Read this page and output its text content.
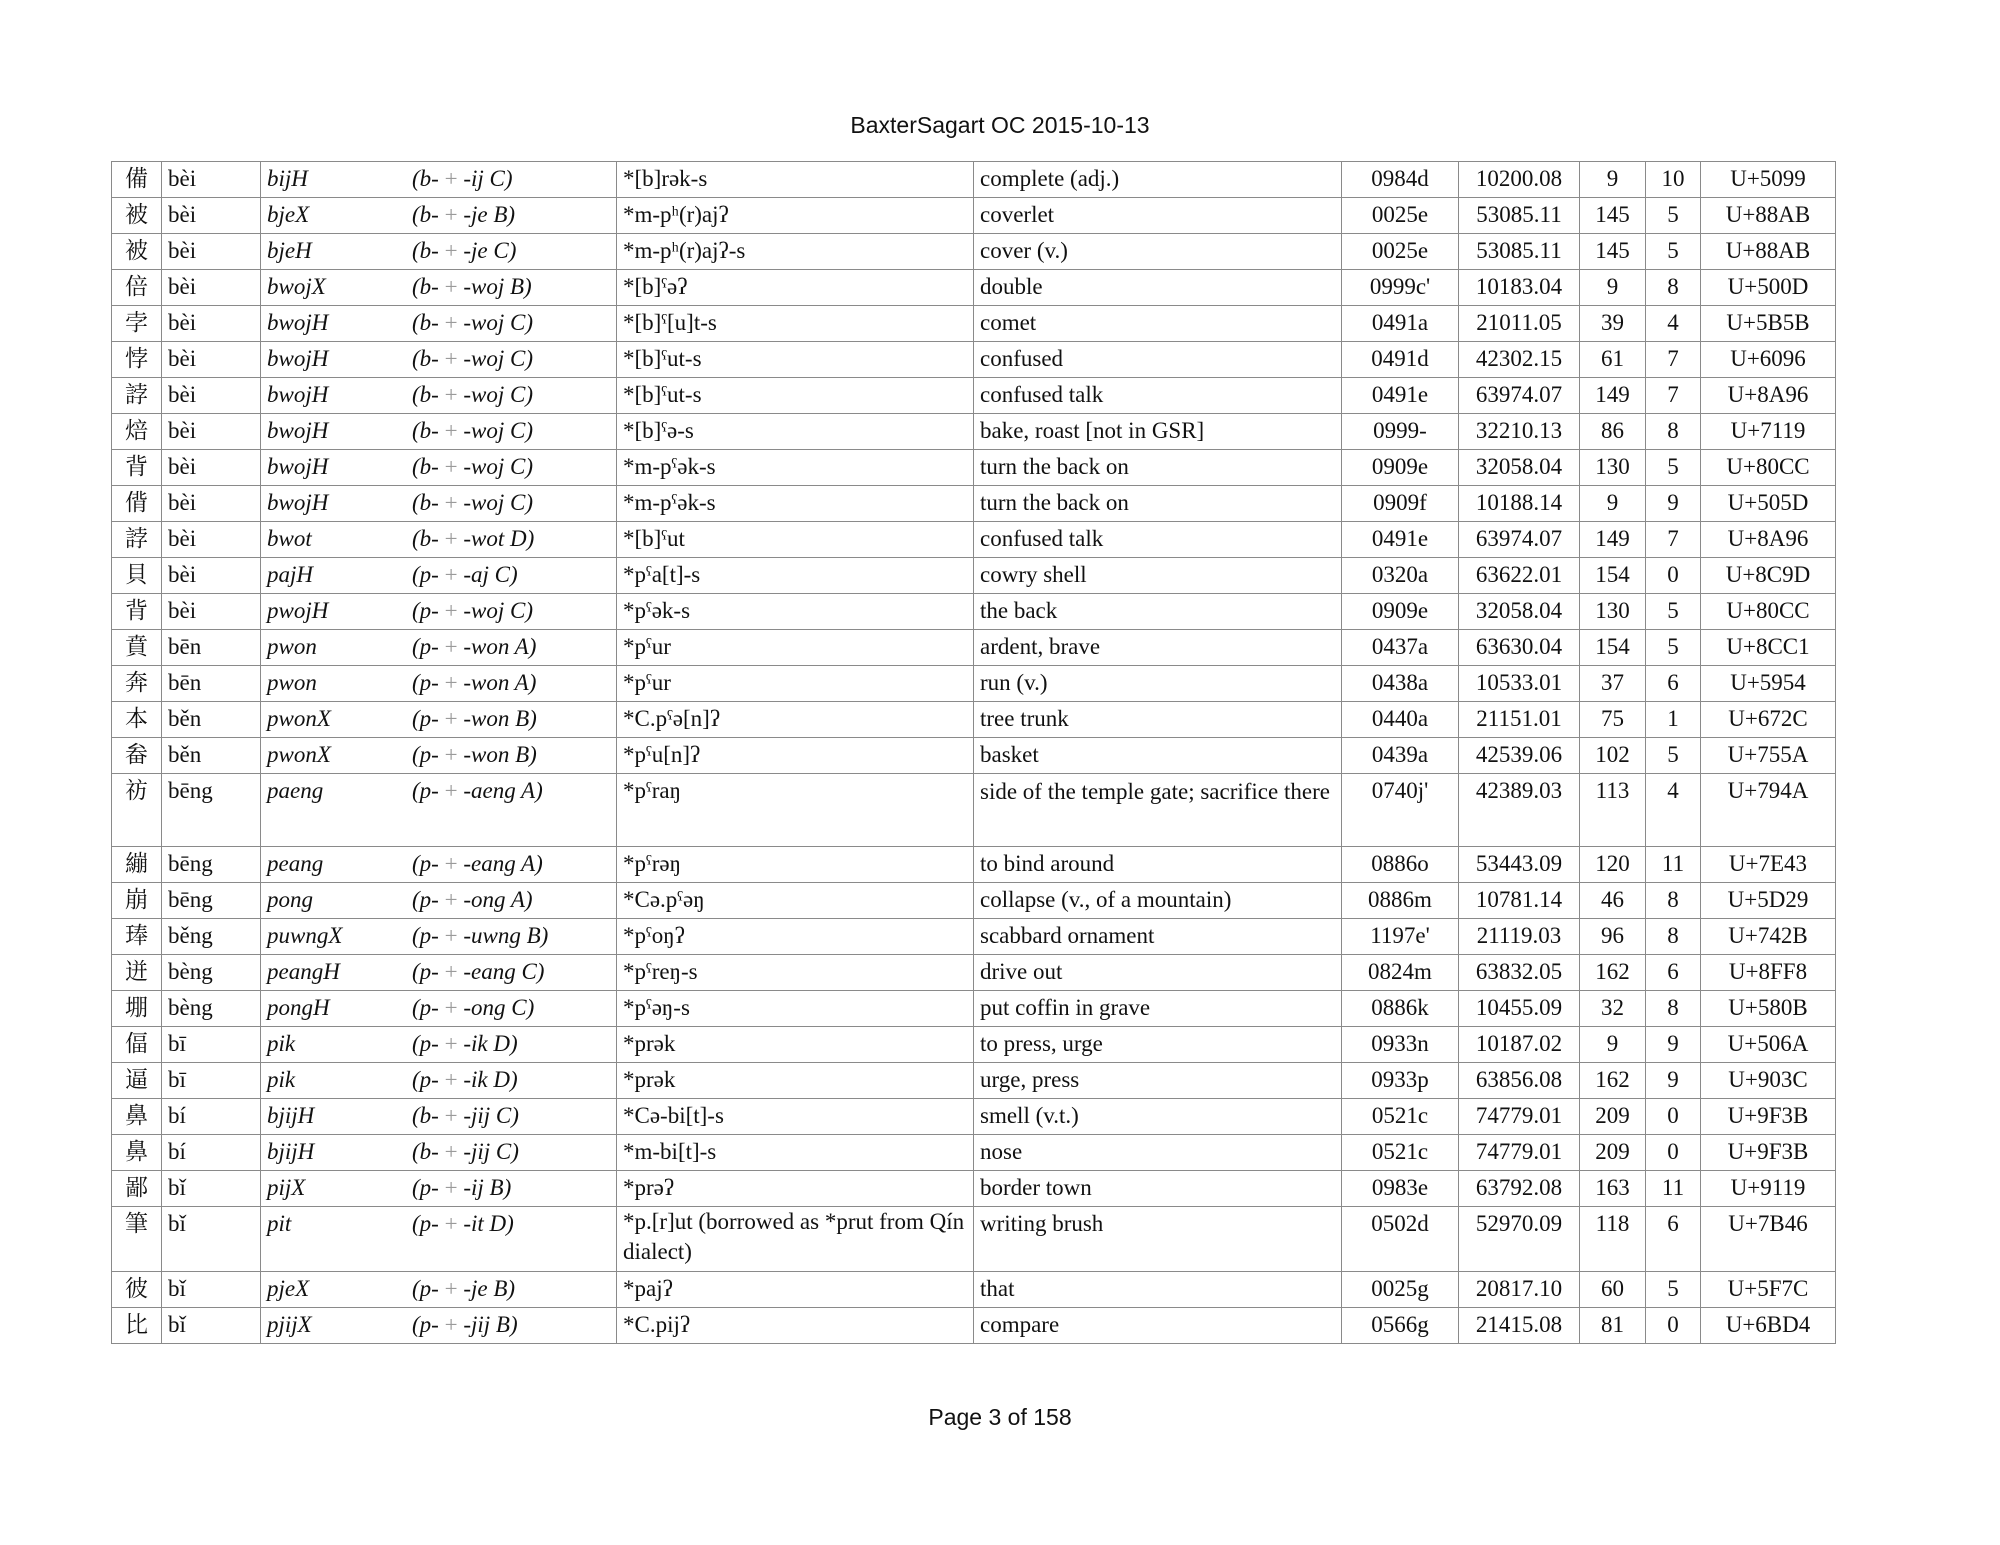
BaxterSagart OC 2015-10-13
備	bèi	bijH (b- + -ij C)	*[b]rək-s	complete (adj.)	0984d	10200.08	9	10	U+5099
被	bèi	bjeX (b- + -je B)	*m-pʰ(r)ajʔ	coverlet	0025e	53085.11	145	5	U+88AB
被	bèi	bjeH (b- + -je C)	*m-pʰ(r)ajʔ-s	cover (v.)	0025e	53085.11	145	5	U+88AB
倍	bèi	bwojX (b- + -woj B)	*[b]ˤəʔ	double	0999c'	10183.04	9	8	U+500D
孛	bèi	bwojH (b- + -woj C)	*[b]ˤ[u]t-s	comet	0491a	21011.05	39	4	U+5B5B
悖	bèi	bwojH (b- + -woj C)	*[b]ˤut-s	confused	0491d	42302.15	61	7	U+6096
誖	bèi	bwojH (b- + -woj C)	*[b]ˤut-s	confused talk	0491e	63974.07	149	7	U+8A96
焙	bèi	bwojH (b- + -woj C)	*[b]ˤə-s	bake, roast [not in GSR]	0999-	32210.13	86	8	U+7119
背	bèi	bwojH (b- + -woj C)	*m-pˤək-s	turn the back on	0909e	32058.04	130	5	U+80CC
偝	bèi	bwojH (b- + -woj C)	*m-pˤək-s	turn the back on	0909f	10188.14	9	9	U+505D
誖	bèi	bwot (b- + -wot D)	*[b]ˤut	confused talk	0491e	63974.07	149	7	U+8A96
貝	bèi	pajH (p- + -aj C)	*pˤa[t]-s	cowry shell	0320a	63622.01	154	0	U+8C9D
背	bèi	pwojH (p- + -woj C)	*pˤək-s	the back	0909e	32058.04	130	5	U+80CC
賁	bēn	pwon (p- + -won A)	*pˤur	ardent, brave	0437a	63630.04	154	5	U+8CC1
奔	bēn	pwon (p- + -won A)	*pˤur	run (v.)	0438a	10533.01	37	6	U+5954
本	běn	pwonX (p- + -won B)	*C.pˤə[n]ʔ	tree trunk	0440a	21151.01	75	1	U+672C
畚	běn	pwonX (p- + -won B)	*pˤu[n]ʔ	basket	0439a	42539.06	102	5	U+755A
祊	bēng	paeng (p- + -aeng A)	*pˤraŋ	side of the temple gate; sacrifice there	0740j'	42389.03	113	4	U+794A
繃	bēng	peang (p- + -eang A)	*pˤrəŋ	to bind around	0886o	53443.09	120	11	U+7E43
崩	bēng	pong (p- + -ong A)	*Cə.pˤəŋ	collapse (v., of a mountain)	0886m	10781.14	46	8	U+5D29
琫	běng	puwngX (p- + -uwng B)	*pˤoŋʔ	scabbard ornament	1197e'	21119.03	96	8	U+742B
迸	bèng	peangH (p- + -eang C)	*pˤreŋ-s	drive out	0824m	63832.05	162	6	U+8FF8
堋	bèng	pongH (p- + -ong C)	*pˤəŋ-s	put coffin in grave	0886k	10455.09	32	8	U+580B
偪	bī	pik (p- + -ik D)	*prək	to press, urge	0933n	10187.02	9	9	U+506A
逼	bī	pik (p- + -ik D)	*prək	urge, press	0933p	63856.08	162	9	U+903C
鼻	bí	bjijH (b- + -jij C)	*Cə-bi[t]-s	smell (v.t.)	0521c	74779.01	209	0	U+9F3B
鼻	bí	bjijH (b- + -jij C)	*m-bi[t]-s	nose	0521c	74779.01	209	0	U+9F3B
鄙	bǐ	pijX (p- + -ij B)	*prəʔ	border town	0983e	63792.08	163	11	U+9119
筆	bǐ	pit (p- + -it D)	*p.[r]ut (borrowed as *prut from Qín dialect)	writing brush	0502d	52970.09	118	6	U+7B46
彼	bǐ	pjeX (p- + -je B)	*pajʔ	that	0025g	20817.10	60	5	U+5F7C
比	bǐ	pjijX (p- + -jij B)	*C.pijʔ	compare	0566g	21415.08	81	0	U+6BD4
Page 3 of 158
